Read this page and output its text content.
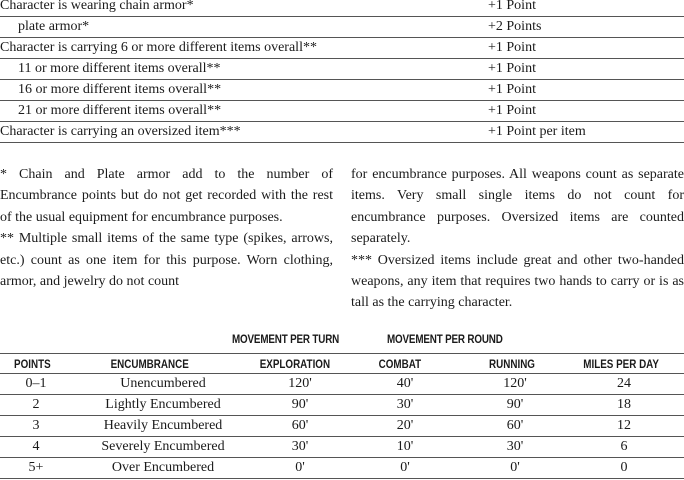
Character is wearing chain armor*	+1 Point
plate armor*	+2 Points
Character is carrying 6 or more different items overall**	+1 Point
11 or more different items overall**	+1 Point
16 or more different items overall**	+1 Point
21 or more different items overall**	+1 Point
Character is carrying an oversized item***	+1 Point per item

* Chain and Plate armor add to the number of Encumbrance points but do not get recorded with the rest of the usual equipment for encumbrance purposes.

** Multiple small items of the same type (spikes, arrows, etc.) count as one item for this purpose. Worn clothing, armor, and jewelry do not count

for encumbrance purposes. All weapons count as separate items. Very small single items do not count for encumbrance purposes. Oversized items are counted separately.

*** Oversized items include great and other two-handed weapons, any item that requires two hands to carry or is as tall as the carrying character.

MOVEMENT PER TURN	MOVEMENT PER ROUND
POINTS	ENCUMBRANCE	EXPLORATION	COMBAT	RUNNING	MILES PER DAY
0–1	Unencumbered	120'	40'	120'	24
2	Lightly Encumbered	90'	30'	90'	18
3	Heavily Encumbered	60'	20'	60'	12
4	Severely Encumbered	30'	10'	30'	6
5+	Over Encumbered	0'	0'	0'	0
